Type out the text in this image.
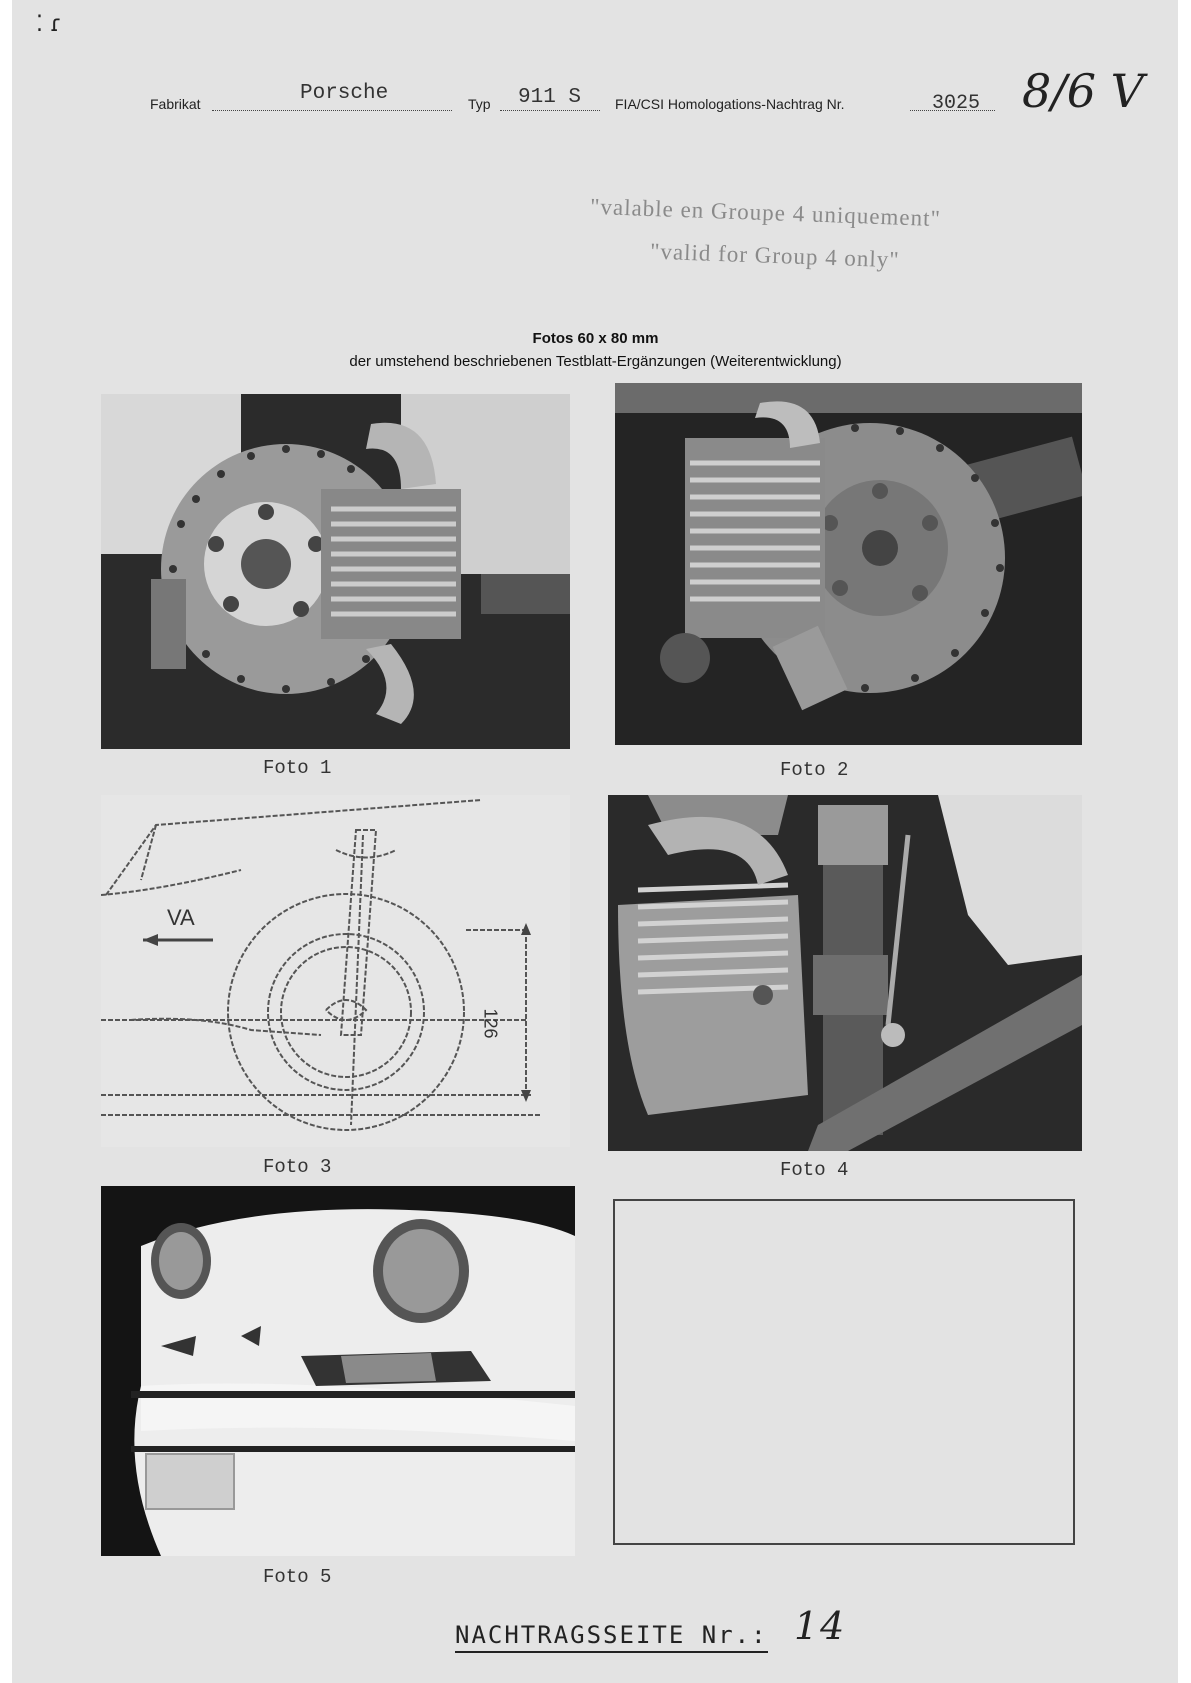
⁚ ɾ
Fabrikat	Porsche	Typ 911 S FIA/CSI Homologations-Nachtrag Nr.	3025 8/6 V
"valable en Groupe 4 uniquement"
"valid for Group 4 only"
Fotos 60 x 80 mm
der umstehend beschriebenen Testblatt-Ergänzungen (Weiterentwicklung)
Foto 1	Foto 2
VA
126
Foto 3	Foto 4
Foto 5
NACHTRAGSSEITE Nr.: 14
